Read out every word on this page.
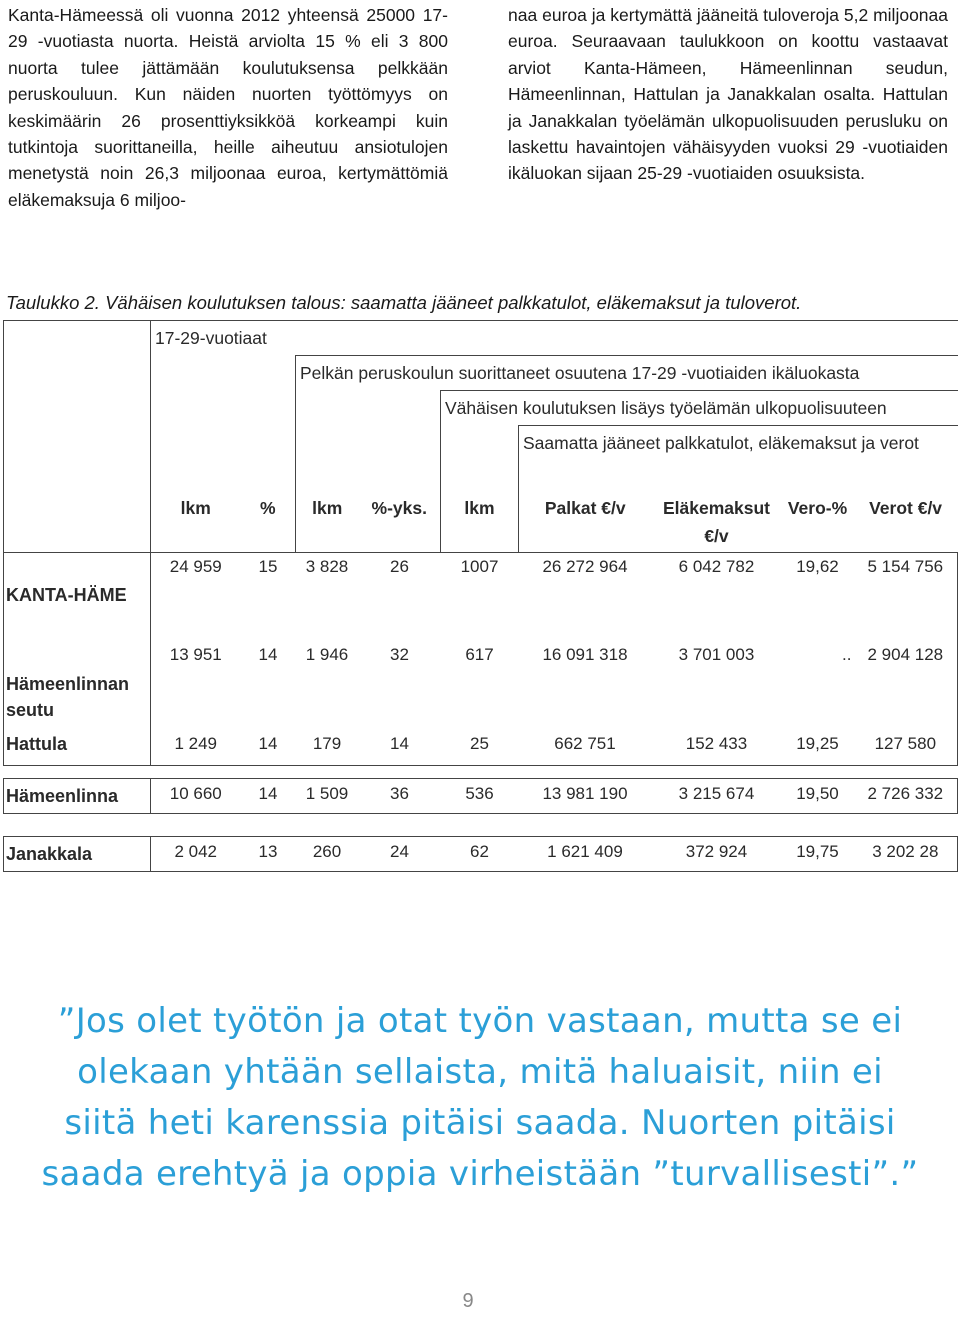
Kanta-Hämeessä oli vuonna 2012 yhteensä 25000 17-29 -vuotiasta nuorta. Heistä arviolta 15 % eli 3 800 nuorta tulee jättämään koulutuksensa pelkkään peruskouluun. Kun näiden nuorten työttömyys on keskimäärin 26 prosenttiyksikköä korkeampi kuin tutkintoja suorittaneilla, heille aiheutuu ansiotulojen menetystä noin 26,3 miljoonaa euroa, kertymättömiä eläkemaksuja 6 miljoo-

naa euroa ja kertymättä jääneitä tuloveroja 5,2 miljoonaa euroa. Seuraavaan taulukkoon on koottu vastaavat arviot Kanta-Hämeen, Hämeenlinnan seudun, Hämeenlinnan, Hattulan ja Janakkalan osalta. Hattulan ja Janakkalan työelämän ulkopuolisuuden perusluku on laskettu havaintojen vähäisyyden vuoksi 29 -vuotiaiden ikäluokan sijaan 25-29 -vuotiaiden osuuksista.

Taulukko 2. Vähäisen koulutuksen talous: saamatta jääneet palkkatulot, eläkemaksut ja tuloverot.
	17-29-vuotiaat								
			Pelkän peruskoulun suorittaneet osuutena 17-29 -vuotiaiden ikäluokasta						
					Vähäisen koulutuksen lisäys työelämän ulkopuolisuuteen				
						Saamatta jääneet palkkatulot, eläkemaksut ja verot			

	lkm	%	lkm	%-yks.	lkm	Palkat €/v	Eläkemaksut €/v	Vero-%	Verot €/v
KANTA-HÄME	24 959	15	3 828	26	1007	26 272 964	6 042 782	19,62	5 154 756
Hämeenlinnan seutu	13 951	14	1 946	32	617	16 091 318	3 701 003	..	2 904 128
Hattula	1 249	14	179	14	25	662 751	152 433	19,25	127 580

Hämeenlinna	10 660	14	1 509	36	536	13 981 190	3 215 674	19,50	2 726 332

Janakkala	2 042	13	260	24	62	1 621 409	372 924	19,75	3 202 28
”Jos olet työtön ja otat työn vastaan, mutta se ei olekaan yhtään sellaista, mitä haluaisit, niin ei siitä heti karenssia pitäisi saada. Nuorten pitäisi saada erehtyä ja oppia virheistään ”turvallisesti”.”
9
